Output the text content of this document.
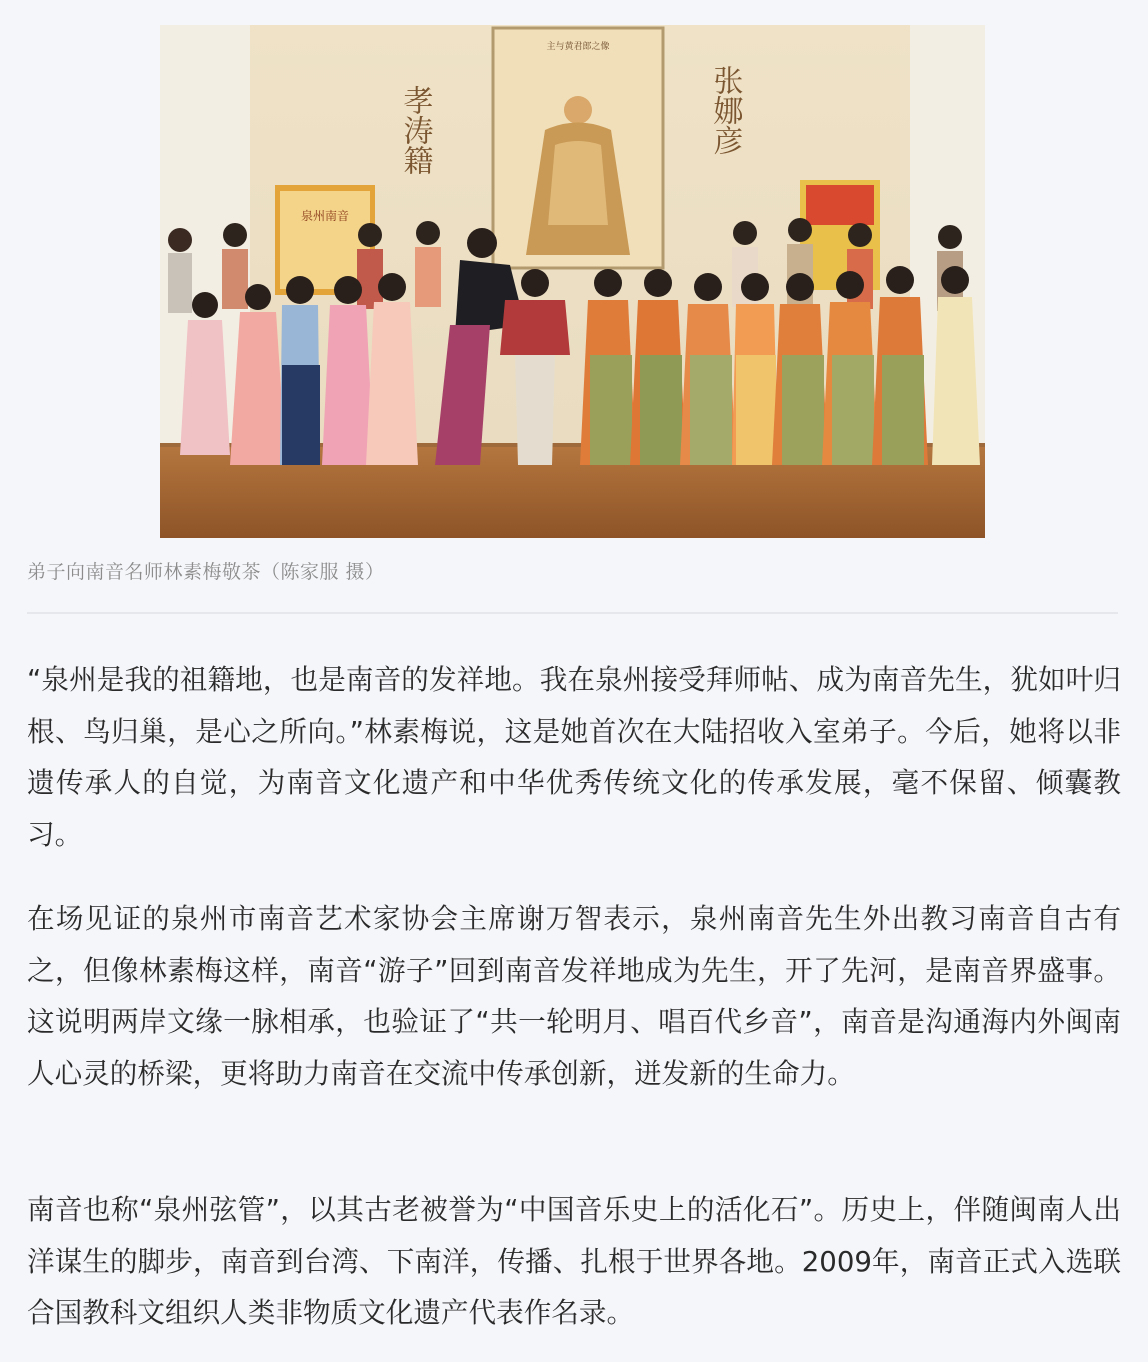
主与黄君郎之像
孝涛籍	张娜彦
泉州南音
弟子向南音名师林素梅敬茶（陈家服 摄）

“泉州是我的祖籍地，也是南音的发祥地。我在泉州接受拜师帖、成为南音先生，犹如叶归根、鸟归巢，是心之所向。”林素梅说，这是她首次在大陆招收入室弟子。今后，她将以非遗传承人的自觉，为南音文化遗产和中华优秀传统文化的传承发展，毫不保留、倾囊教习。

在场见证的泉州市南音艺术家协会主席谢万智表示，泉州南音先生外出教习南音自古有之，但像林素梅这样，南音“游子”回到南音发祥地成为先生，开了先河，是南音界盛事。这说明两岸文缘一脉相承，也验证了“共一轮明月、唱百代乡音”，南音是沟通海内外闽南人心灵的桥梁，更将助力南音在交流中传承创新，迸发新的生命力。

南音也称“泉州弦管”，以其古老被誉为“中国音乐史上的活化石”。历史上，伴随闽南人出洋谋生的脚步，南音到台湾、下南洋，传播、扎根于世界各地。2009年，南音正式入选联合国教科文组织人类非物质文化遗产代表作名录。
